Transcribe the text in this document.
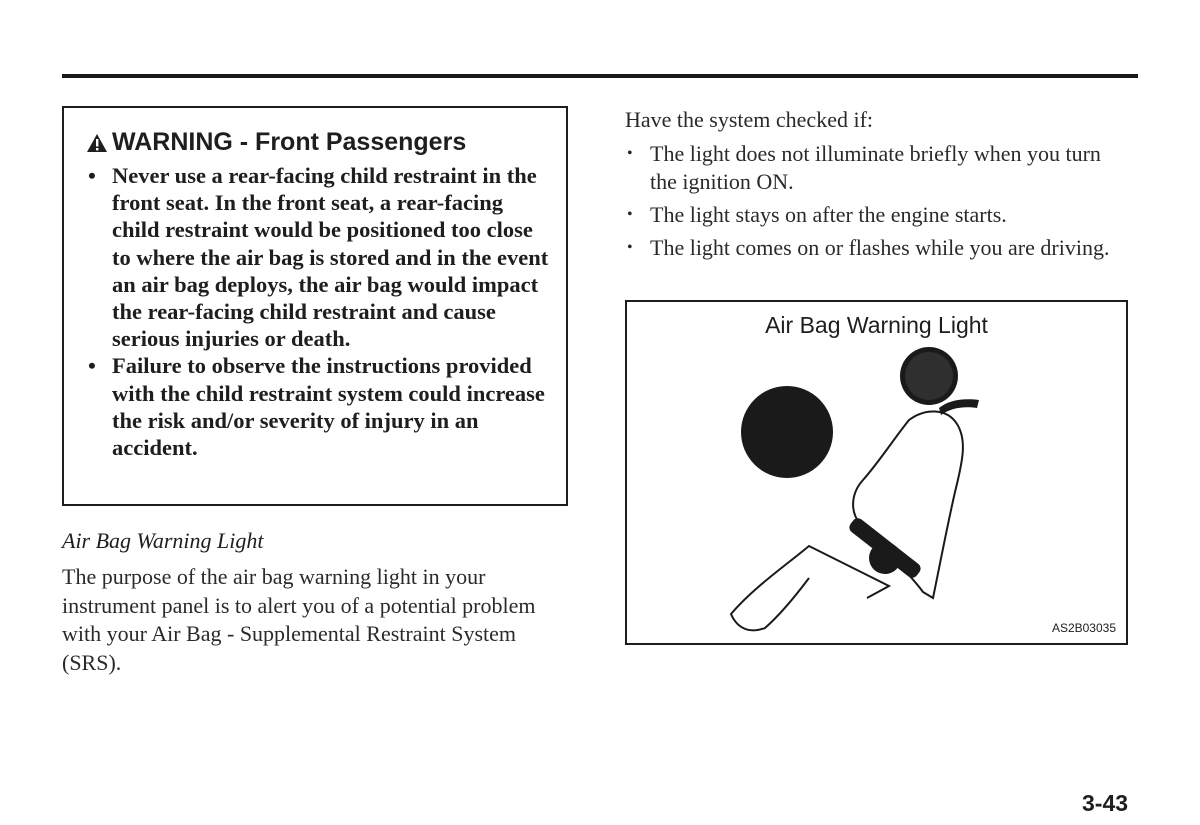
WARNING - Front Passengers
• Never use a rear-facing child restraint in the front seat. In the front seat, a rear-facing child restraint would be positioned too close to where the air bag is stored and in the event an air bag deploys, the air bag would impact the rear-facing child restraint and cause serious injuries or death.
• Failure to observe the instructions provided with the child restraint system could increase the risk and/or severity of injury in an accident.
Air Bag Warning Light
The purpose of the air bag warning light in your instrument panel is to alert you of a potential problem with your Air Bag - Supplemental Restraint System (SRS).
Have the system checked if:
• The light does not illuminate briefly when you turn the ignition ON.
• The light stays on after the engine starts.
• The light comes on or flashes while you are driving.
Air Bag Warning Light
AS2B03035
3-43
